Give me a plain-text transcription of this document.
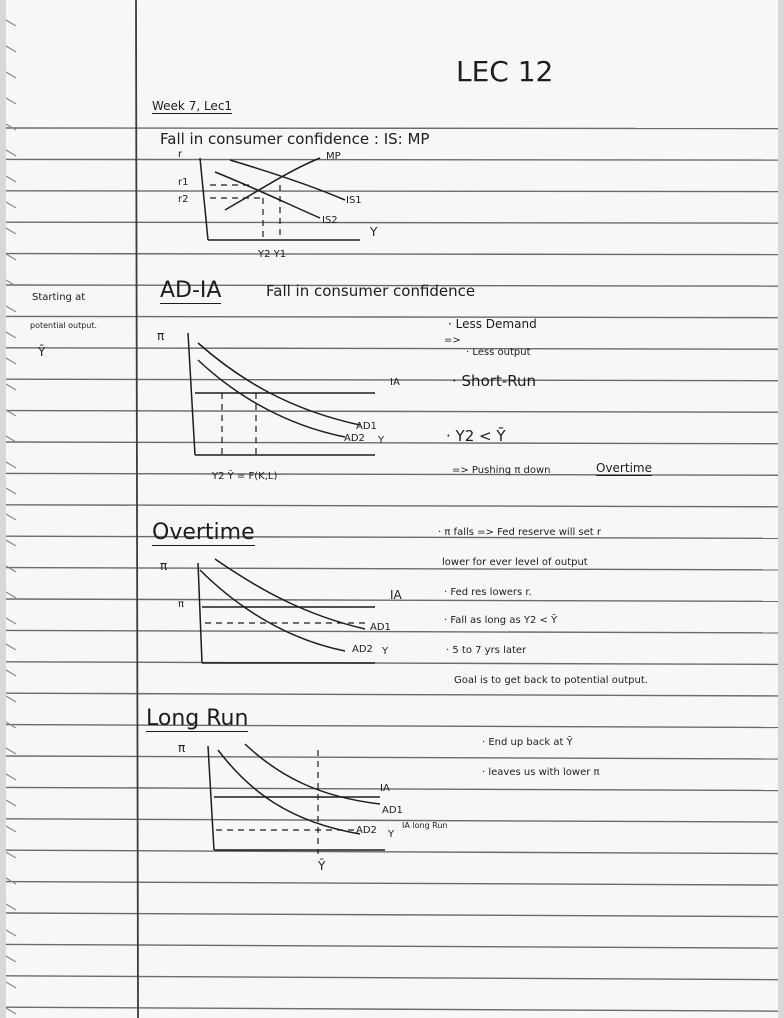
LEC 12
Week 7, Lec1
Starting at
potential output.
Ȳ
Fall in consumer confidence : IS: MP
r
r1
r2
MP
IS1
IS2
Y
Y2 Y1
AD-IA	Fall in consumer confidence
π
IA
AD1
AD2 Y
Y2 Ȳ = F(K,L)
· Less Demand
=>
· Less output
· Short-Run
· Y2 < Ȳ
=> Pushing π down	Overtime
Overtime
π
π
IA
AD1
AD2 Y
· π falls => Fed reserve will set r
lower for ever level of output
· Fed res lowers r.
· Fall as long as Y2 < Ȳ
· 5 to 7 yrs later
Goal is to get back to potential output.
Long Run
π
IA
AD1
AD2 Y
IA long Run
Ȳ
· End up back at Ȳ
· leaves us with lower π
